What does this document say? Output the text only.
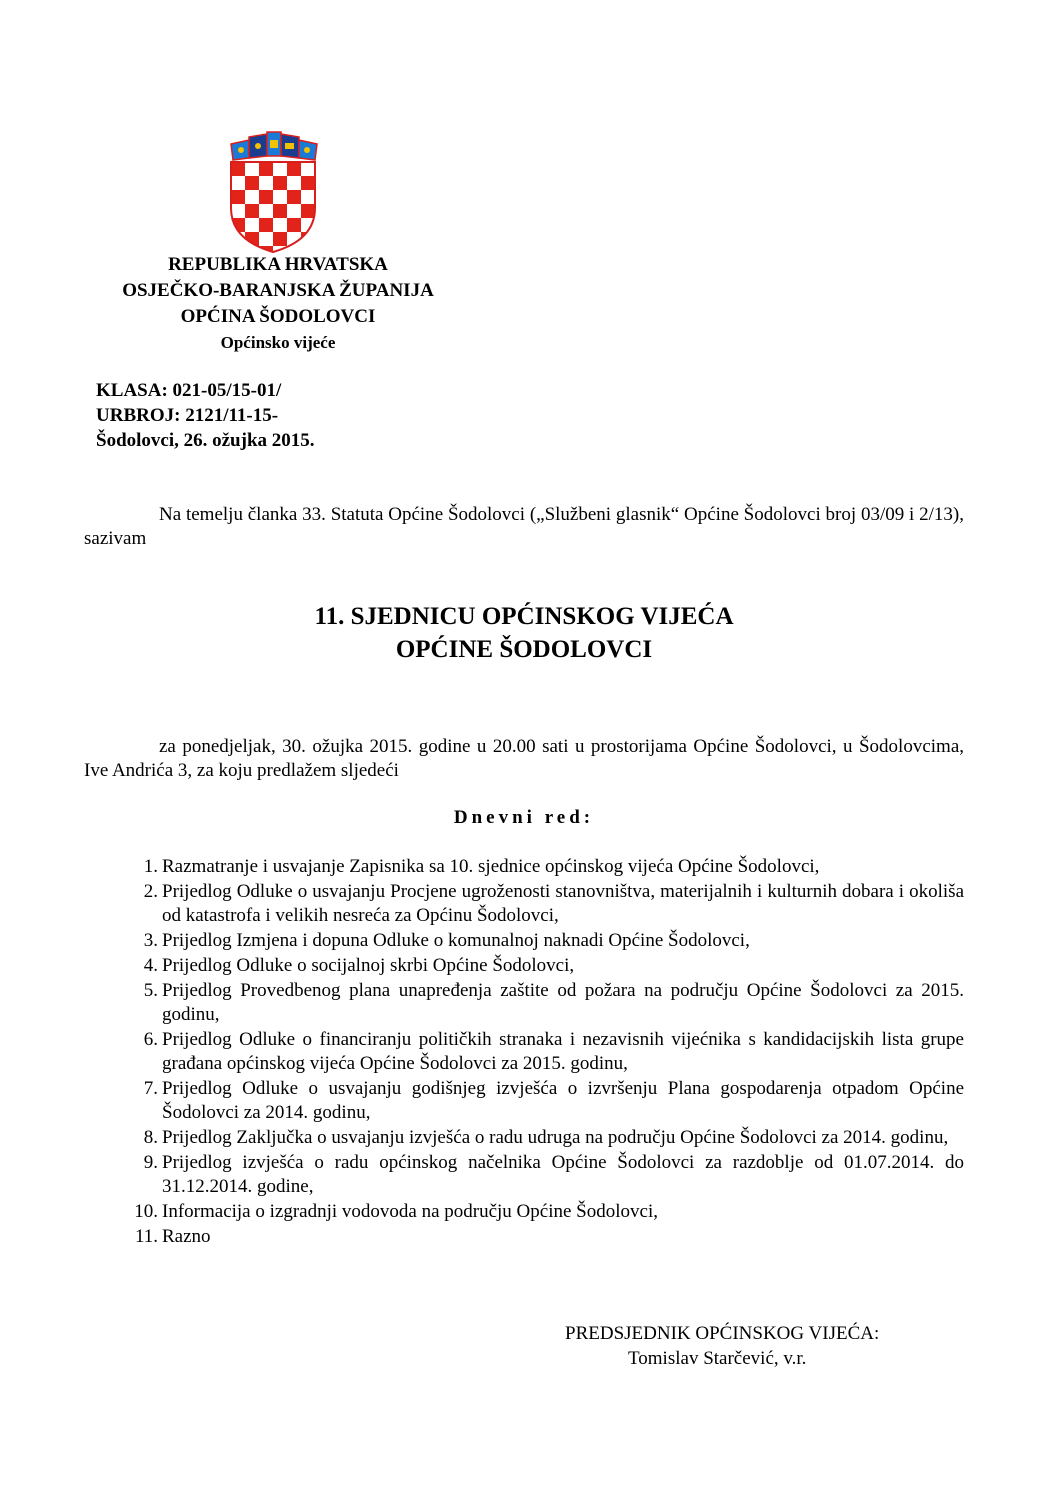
REPUBLIKA HRVATSKA
OSJEČKO-BARANJSKA ŽUPANIJA
OPĆINA ŠODOLOVCI
Općinsko vijeće
KLASA: 021-05/15-01/
URBROJ: 2121/11-15-
Šodolovci, 26. ožujka 2015.
Na temelju članka 33. Statuta Općine Šodolovci („Službeni glasnik“ Općine Šodolovci broj 03/09 i 2/13), sazivam
11. SJEDNICU OPĆINSKOG VIJEĆA
OPĆINE ŠODOLOVCI
za ponedjeljak, 30. ožujka 2015. godine u 20.00 sati u prostorijama Općine Šodolovci, u Šodolovcima, Ive Andrića 3, za koju predlažem sljedeći
Dnevni red:
1. Razmatranje i usvajanje Zapisnika sa 10. sjednice općinskog vijeća Općine Šodolovci,
2. Prijedlog Odluke o usvajanju Procjene ugroženosti stanovništva, materijalnih i kulturnih dobara i okoliša od katastrofa i velikih nesreća za Općinu Šodolovci,
3. Prijedlog Izmjena i dopuna Odluke o komunalnoj naknadi Općine Šodolovci,
4. Prijedlog Odluke o socijalnoj skrbi Općine Šodolovci,
5. Prijedlog Provedbenog plana unapređenja zaštite od požara na području Općine Šodolovci za 2015. godinu,
6. Prijedlog Odluke o financiranju političkih stranaka i nezavisnih vijećnika s kandidacijskih lista grupe građana općinskog vijeća Općine Šodolovci za 2015. godinu,
7. Prijedlog Odluke o usvajanju godišnjeg izvješća o izvršenju Plana gospodarenja otpadom Općine Šodolovci za 2014. godinu,
8. Prijedlog Zaključka o usvajanju izvješća o radu udruga na području Općine Šodolovci za 2014. godinu,
9. Prijedlog izvješća o radu općinskog načelnika Općine Šodolovci za razdoblje od 01.07.2014. do 31.12.2014. godine,
10. Informacija o izgradnji vodovoda na području Općine Šodolovci,
11. Razno
PREDSJEDNIK OPĆINSKOG VIJEĆA:
Tomislav Starčević, v.r.
